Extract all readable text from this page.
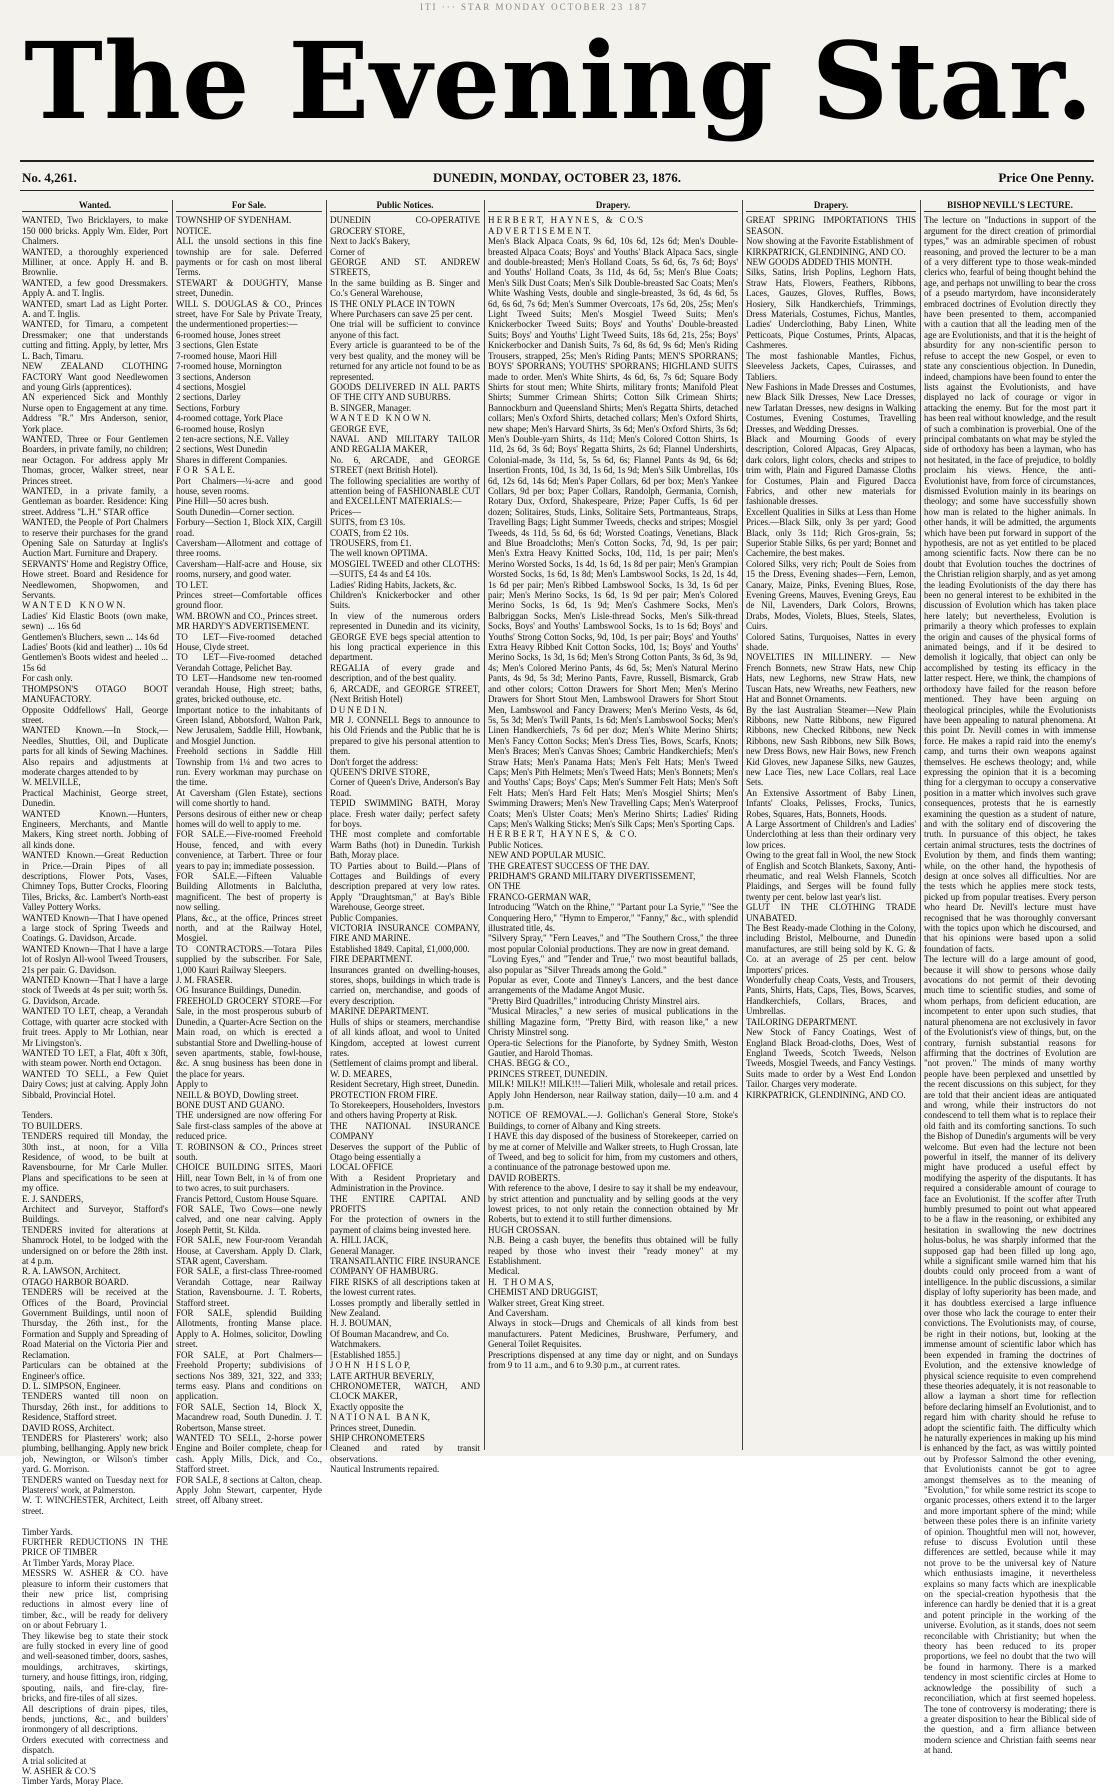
ITI ··· STAR MONDAY OCTOBER 23 187
The Evening Star.
No. 4,261.	DUNEDIN, MONDAY, OCTOBER 23, 1876.	Price One Penny.
Wanted.
WANTED, Two Bricklayers, to make 150 000 bricks. Apply Wm. Elder, Port Chalmers.
WANTED, a thoroughly experienced Milliner, at once. Apply H. and B. Brownlie.
WANTED, a few good Dressmakers. Apply A. and T. Inglis.
WANTED, smart Lad as Light Porter. A. and T. Inglis.
WANTED, for Timaru, a competent Dressmaker; one that understands cutting and fitting. Apply, by letter, Mrs L. Bach, Timaru.
NEW ZEALAND CLOTHING FACTORY Want good Needlewomen and young Girls (apprentices).
AN experienced Sick and Monthly Nurse open to Engagement at any time. Address "R." Mrs Anderson, senior, York place.
WANTED, Three or Four Gentlemen Boarders, in private family, no children; near Octagon. For address apply Mr Thomas, grocer, Walker street, near Princes street.
WANTED, in a private family, a Gentleman as boarder. Residence: King street. Address "L.H." STAR office
WANTED, the People of Port Chalmers to reserve their purchases for the grand Opening Sale on Saturday at Inglis's Auction Mart. Furniture and Drapery.
SERVANTS' Home and Registry Office, Howe street. Board and Residence for Needlewomen, Shopwomen, and Servants.
W A N T E D    K N O W N.
Ladies' Kid Elastic Boots (own make, sewn)  ... 16s 6d
Gentlemen's Bluchers, sewn ... 14s 6d
Ladies' Boots (kid and leather) ... 10s 6d
Gentlemen's Boots widest and heeled ... 15s 6d
For cash only.
THOMPSON'S OTAGO BOOT MANUFACTORY.
Opposite Oddfellows' Hall, George street.
WANTED Known.—In Stock,—Needles, Shuttles, Oil, and Duplicate parts for all kinds of Sewing Machines. Also repairs and adjustments at moderate charges attended to by
W. MELVILLE,
Practical Machinist, George street, Dunedin.
WANTED Known.—Hunters, Engineers, Merchants, and Mantle Makers, King street north. Jobbing of all kinds done.
WANTED Known.—Great Reduction in Price.—Drain Pipes of all descriptions, Flower Pots, Vases, Chimney Tops, Butter Crocks, Flooring Tiles, Bricks, &c. Lambert's North-east Valley Pottery Works.
WANTED Known—That I have opened a large stock of Spring Tweeds and Coatings. G. Davidson, Arcade.
WANTED Known—That I have a large lot of Roslyn All-wool Tweed Trousers, 21s per pair. G. Davidson.
WANTED Known—That I have a large stock of Tweeds at 4s per suit; worth 5s. G. Davidson, Arcade.
WANTED TO LET, cheap, a Verandah Cottage, with quarter acre stocked with fruit trees. Apply to Mr Lothian, near Mr Livingston's.
WANTED TO LET, a Flat, 40ft x 30ft, with steam power. North end Octagon.
WANTED TO SELL, a Few Quiet Dairy Cows; just at calving. Apply John Sibbald, Provincial Hotel.

Tenders.
TO BUILDERS.
TENDERS required till Monday, the 30th inst., at noon, for a Villa Residence, of wood, to be built at Ravensbourne, for Mr Carle Muller. Plans and specifications to be seen at my office.
E. J. SANDERS,
Architect and Surveyor, Stafford's Buildings.
TENDERS invited for alterations at Shamrock Hotel, to be lodged with the undersigned on or before the 28th inst. at 4 p.m.
R. A. LAWSON, Architect.
OTAGO HARBOR BOARD.
TENDERS will be received at the Offices of the Board, Provincial Government Buildings, until noon of Thursday, the 26th inst., for the Formation and Supply and Spreading of Road Material on the Victoria Pier and Reclamation.
Particulars can be obtained at the Engineer's office.
D. L. SIMPSON, Engineer.
TENDERS wanted till noon on Thursday, 26th inst., for additions to Residence, Stafford street.
DAVID ROSS, Architect.
TENDERS for Plasterers' work; also plumbing, bellhanging. Apply new brick job, Newington, or Wilson's timber yard. G. Morrison.
TENDERS wanted on Tuesday next for Plasterers' work, at Palmerston.
W. T. WINCHESTER, Architect, Leith street.

Timber Yards.
FURTHER REDUCTIONS IN THE PRICE OF TIMBER
At Timber Yards, Moray Place.
MESSRS W. ASHER & CO. have pleasure to inform their customers that their new price list, comprising reductions in almost every line of timber, &c., will be ready for delivery on or about February 1.
They likewise beg to state their stock are fully stocked in every line of good and well-seasoned timber, doors, sashes, mouldings, architraves, skirtings, turnery, and house fittings, iron, ridging, spouting, nails, and fire-clay, fire-bricks, and fire-tiles of all sizes.
All descriptions of drain pipes, tiles, bends, junctions, &c., and builders' ironmongery of all descriptions.
Orders executed with correctness and dispatch.
A trial solicited at
W. ASHER & CO.'S
Timber Yards, Moray Place.
For Sale.
TOWNSHIP OF SYDENHAM.
NOTICE.
ALL the unsold sections in this fine township are for sale. Deferred payments or for cash on most liberal Terms.
STEWART & DOUGHTY, Manse street, Dunedin.
WILL S. DOUGLAS & CO., Princes street, have For Sale by Private Treaty, the undermentioned properties:—
6-roomed house, Jones street
3 sections, Glen Estate
7-roomed house, Maori Hill
7-roomed house, Mornington
3 sections, Anderson
4 sections, Mosgiel
2 sections, Darley
Sections, Forbury
4-roomed cottage, York Place
6-roomed house, Roslyn
2 ten-acre sections, N.E. Valley
2 sections, West Dunedin
Shares in different Companies.
F O R   S A L E.
Port Chalmers—¼-acre and good house, seven rooms.
Pine Hill—50 acres bush.
South Dunedin—Corner section.
Forbury—Section 1, Block XIX, Cargill road.
Caversham—Allotment and cottage of three rooms.
Caversham—Half-acre and House, six rooms, nursery, and good water.
TO LET.
Princes street—Comfortable offices ground floor.
WM. BROWN and CO., Princes street.
MR HARDY'S ADVERTISEMENT.
TO LET—Five-roomed detached House, Clyde street.
TO LET—Five-roomed detached Verandah Cottage, Pelichet Bay.
TO LET—Handsome new ten-roomed verandah House, High street; baths, grates, bricked outhouse, etc.
Important notice to the inhabitants of Green Island, Abbotsford, Walton Park, New Jerusalem, Saddle Hill, Howbank, and Mosgiel Junction.
Freehold sections in Saddle Hill Township from 1¼ and two acres to run. Every workman may purchase on the time.
At Caversham (Glen Estate), sections will come shortly to hand.
Persons desirous of either new or cheap homes will do well to apply to me.
FOR SALE.—Five-roomed Freehold House, fenced, and with every convenience, at Tarbert. Three or four years to pay in; immediate possession.
FOR SALE.—Fifteen Valuable Building Allotments in Balclutha, magnificent. The best of property is now selling.
Plans, &c., at the office, Princes street north, and at the Railway Hotel, Mosgiel.
TO CONTRACTORS.—Totara Piles supplied by the subscriber. For Sale, 1,000 Kauri Railway Sleepers.
J. M. FRASER.
OG Insurance Buildings, Dunedin.
FREEHOLD GROCERY STORE—For Sale, in the most prosperous suburb of Dunedin, a Quarter-Acre Section on the Main road, on which is erected a substantial Store and Dwelling-house of seven apartments, stable, fowl-house, &c. A snug business has been done in the place for years.
Apply to
NEILL & BOYD, Dowling street.
BONE DUST AND GUANO.
THE undersigned are now offering For Sale first-class samples of the above at reduced price.
T. ROBINSON & CO., Princes street south.
CHOICE BUILDING SITES, Maori Hill, near Town Belt, in ¼ of from one to two acres, to suit purchasers.
Francis Pettord, Custom House Square.
FOR SALE, Two Cows—one newly calved, and one near calving. Apply Joseph Pettit, St. Kilda.
FOR SALE, new Four-room Verandah House, at Caversham. Apply D. Clark, STAR agent, Caversham.
FOR SALE, a first-class Three-roomed Verandah Cottage, near Railway Station, Ravensbourne. J. T. Roberts, Stafford street.
FOR SALE, splendid Building Allotments, fronting Manse place. Apply to A. Holmes, solicitor, Dowling street.
FOR SALE, at Port Chalmers—Freehold Property; subdivisions of sections Nos 389, 321, 322, and 333; terms easy. Plans and conditions on application.
FOR SALE, Section 14, Block X, Macandrew road, South Dunedin. J. T. Robertson, Manse street.
WANTED TO SELL, 2-horse power Engine and Boiler complete, cheap for cash. Apply Mills, Dick, and Co., Stafford street.
FOR SALE, 8 sections at Calton, cheap. Apply John Stewart, carpenter, Hyde street, off Albany street.
Public Notices.
DUNEDIN CO-OPERATIVE GROCERY STORE,
Next to Jack's Bakery,
Corner of
GEORGE AND ST. ANDREW STREETS,
In the same building as B. Singer and Co.'s General Warehouse,
IS THE ONLY PLACE IN TOWN
Where Purchasers can save 25 per cent.
One trial will be sufficient to convince anyone of this fact.
Every article is guaranteed to be of the very best quality, and the money will be returned for any article not found to be as represented.
GOODS DELIVERED IN ALL PARTS OF THE CITY AND SUBURBS.
B. SINGER, Manager.
W A N T E D   K N O W N.
GEORGE EVE,
NAVAL AND MILITARY TAILOR AND REGALIA MAKER,
No. 6, ARCADE, and GEORGE STREET (next British Hotel).
The following specialities are worthy of attention being of FASHIONABLE CUT and EXCELLENT MATERIALS:—
Prices—
SUITS, from £3 10s.
COATS, from £2 10s.
TROUSERS, from £1.
The well known OPTIMA.
MOSGIEL TWEED and other CLOTHS:—SUITS, £4 4s and £4 10s.
Ladies' Riding Habits, Jackets, &c.
Children's Knickerbocker and other Suits.
In view of the numerous orders represented in Dunedin and its vicinity, GEORGE EVE begs special attention to his long practical experience in this department.
REGALIA of every grade and description, and of the best quality.
6, ARCADE, and GEORGE STREET, (Next British Hotel)
D U N E D I N.
MR J. CONNELL Begs to announce to his Old Friends and the Public that he is prepared to give his personal attention to them.
Don't forget the address:
QUEEN'S DRIVE STORE,
Corner of Queen's Drive, Anderson's Bay Road.
TEPID SWIMMING BATH, Moray place. Fresh water daily; perfect safety for boys.
THE most complete and comfortable Warm Baths (hot) in Dunedin. Turkish Bath, Moray place.
TO Parties about to Build.—Plans of Cottages and Buildings of every description prepared at very low rates. Apply "Draughtsman," at Bay's Bible Warehouse, George street.
Public Companies.
VICTORIA INSURANCE COMPANY, FIRE AND MARINE.
Established 1849. Capital, £1,000,000.
FIRE DEPARTMENT.
Insurances granted on dwelling-houses, stores, shops, buildings in which trade is carried on, merchandise, and goods of every description.
MARINE DEPARTMENT.
Hulls of ships or steamers, merchandise of all kinds afloat, and wool to United Kingdom, accepted at lowest current rates.
(Settlement of claims prompt and liberal.
W. D. MEARES,
Resident Secretary, High street, Dunedin.
PROTECTION FROM FIRE.
To Storekeepers, Householders, Investors and others having Property at Risk.
THE NATIONAL INSURANCE COMPANY
Deserves the support of the Public of Otago being essentially a
LOCAL OFFICE
With a Resident Proprietary and Administration in the Province.
THE ENTIRE CAPITAL AND PROFITS
For the protection of owners in the payment of claims being invested here.
A. HILL JACK,
General Manager.
TRANSATLANTIC FIRE INSURANCE COMPANY OF HAMBURG.
FIRE RISKS of all descriptions taken at the lowest current rates.
Losses promptly and liberally settled in New Zealand.
H. J. BOUMAN,
Of Bouman Macandrew, and Co.
Watchmakers.
[Established 1855.]
J O H N   H I S L O P,
LATE ARTHUR BEVERLY,
CHRONOMETER, WATCH, AND CLOCK MAKER,
Exactly opposite the
N A T I O N A L   B A N K,
Princes street, Dunedin.
SHIP CHRONOMETERS
Cleaned and rated by transit observations.
Nautical Instruments repaired.
Drapery.
H E R B E R T,   H A Y N E S,   &   C O.'S
A D V E R T I S E M E N T.
Men's Black Alpaca Coats, 9s 6d, 10s 6d, 12s 6d; Men's Double-breasted Alpaca Coats; Boys' and Youths' Black Alpaca Sacs, single and double-breasted; Men's Holland Coats, 5s 6d, 6s, 7s 6d; Boys' and Youths' Holland Coats, 3s 11d, 4s 6d, 5s; Men's Blue Coats; Men's Silk Dust Coats; Men's Silk Double-breasted Sac Coats; Men's White Washing Vests, double and single-breasted, 3s 6d, 4s 6d, 5s 6d, 6s 6d, 7s 6d; Men's Summer Overcoats, 17s 6d, 20s, 25s; Men's Light Tweed Suits; Men's Mosgiel Tweed Suits; Men's Knickerbocker Tweed Suits; Boys' and Youths' Double-breasted Suits; Boys' and Youths' Light Tweed Suits, 18s 6d, 21s, 25s; Boys' Knickerbocker and Danish Suits, 7s 6d, 8s 6d, 9s 6d; Men's Riding Trousers, strapped, 25s; Men's Riding Pants; MEN'S SPORRANS; BOYS' SPORRANS; YOUTHS' SPORRANS; HIGHLAND SUITS made to order. Men's White Shirts, 4s 6d, 6s, 7s 6d; Square Body Shirts for stout men; White Shirts, military fronts; Manifold Pleat Shirts; Summer Crimean Shirts; Cotton Silk Crimean Shirts; Bannockburn and Queensland Shirts; Men's Regatta Shirts, detached collars; Men's Oxford Shirts, detached collars; Men's Oxford Shirts, new shape; Men's Harvard Shirts, 3s 6d; Men's Oxford Shirts, 3s 6d; Men's Double-yarn Shirts, 4s 11d; Men's Colored Cotton Shirts, 1s 11d, 2s 6d, 3s 6d; Boys' Regatta Shirts, 2s 6d; Flannel Undershirts, Colonial-made, 3s 11d, 5s, 5s 6d, 6s; Flannel Pants 4s 9d, 6s 6d; Insertion Fronts, 10d, 1s 3d, 1s 6d, 1s 9d; Men's Silk Umbrellas, 10s 6d, 12s 6d, 14s 6d; Men's Paper Collars, 6d per box; Men's Yankee Collars, 9d per box; Paper Collars, Randolph, Germania, Cornish, Rotary Dux, Oxford, Shakespeare, Prize; Paper Cuffs, 1s 6d per dozen; Solitaires, Studs, Links, Solitaire Sets, Portmanteaus, Straps, Travelling Bags; Light Summer Tweeds, checks and stripes; Mosgiel Tweeds, 4s 11d, 5s 6d, 6s 6d; Worsted Coatings, Venetians, Black and Blue Broadcloths; Men's Cotton Socks, 7d, 9d, 1s per pair; Men's Extra Heavy Knitted Socks, 10d, 11d, 1s per pair; Men's Merino Worsted Socks, 1s 4d, 1s 6d, 1s 8d per pair; Men's Grampian Worsted Socks, 1s 6d, 1s 8d; Men's Lambswool Socks, 1s 2d, 1s 4d, 1s 6d per pair; Men's Ribbed Lambswool Socks, 1s 3d, 1s 6d per pair; Men's Merino Socks, 1s 6d, 1s 9d per pair; Men's Colored Merino Socks, 1s 6d, 1s 9d; Men's Cashmere Socks, Men's Balbriggan Socks, Men's Lisle-thread Socks, Men's Silk-thread Socks, Boys' and Youths' Lambswool Socks, 1s to 1s 6d; Boys' and Youths' Strong Cotton Socks, 9d, 10d, 1s per pair; Boys' and Youths' Extra Heavy Ribbed Knit Cotton Socks, 10d, 1s; Boys' and Youths' Merino Socks, 1s 3d, 1s 6d; Men's Strong Cotton Pants, 3s 6d, 3s 9d, 4s; Men's Colored Merino Pants, 4s 6d, 5s; Men's Natural Merino Pants, 4s 9d, 5s 3d; Merino Pants, Favre, Russell, Bismarck, Grab and other colors; Cotton Drawers for Short Men; Men's Merino Drawers for Short Stout Men, Lambswool Drawers for Short Stout Men, Lambswool and Fancy Drawers; Men's Merino Vests, 4s 6d, 5s, 5s 3d; Men's Twill Pants, 1s 6d; Men's Lambswool Socks; Men's Linen Handkerchiefs, 7s 6d per doz; Men's White Merino Shirts; Men's Fancy Cotton Socks; Men's Dress Ties, Bows, Scarfs, Knots; Men's Braces; Men's Canvas Shoes; Cambric Handkerchiefs; Men's Straw Hats; Men's Panama Hats; Men's Felt Hats; Men's Tweed Caps; Men's Pith Helmets; Men's Tweed Hats; Men's Bonnets; Men's and Youths' Caps; Boys' Caps; Men's Summer Felt Hats; Men's Soft Felt Hats; Men's Hard Felt Hats; Men's Mosgiel Shirts; Men's Swimming Drawers; Men's New Travelling Caps; Men's Waterproof Coats; Men's Ulster Coats; Men's Merino Shirts; Ladies' Riding Caps; Men's Walking Sticks; Men's Silk Caps; Men's Sporting Caps.
H E R B E R T,   H A Y N E S,   &   C O.
Public Notices.
NEW AND POPULAR MUSIC.
THE GREATEST SUCCESS OF THE DAY.
PRIDHAM'S GRAND MILITARY DIVERTISSEMENT,
ON THE
FRANCO-GERMAN WAR,
Introducing "Watch on the Rhine," "Partant pour La Syrie," "See the Conquering Hero," "Hymn to Emperor," "Fanny," &c., with splendid illustrated title, 4s.
"Silvery Spray," "Fern Leaves," and "The Southern Cross," the three most popular Colonial productions. They are now in great demand.
"Loving Eyes," and "Tender and True," two most beautiful ballads, also popular as "Silver Threads among the Gold."
Popular as ever, Coote and Tinney's Lancers, and the best dance arrangements of the Madame Angot Music.
"Pretty Bird Quadrilles," introducing Christy Minstrel airs.
"Musical Miracles," a new series of musical publications in the shilling Magazine form, "Pretty Bird, with reason like," a new Christy Minstrel song.
Opera-tic Selections for the Pianoforte, by Sydney Smith, Weston Gautier, and Harold Thomas.
CHAS. BEGG & CO.,
PRINCES STREET, DUNEDIN.
MILK! MILK!! MILK!!!—Talieri Milk, wholesale and retail prices. Apply John Henderson, near Railway station, daily—10 a.m. and 4 p.m.
NOTICE OF REMOVAL.—J. Gollichan's General Store, Stoke's Buildings, to corner of Albany and King streets.
I HAVE this day disposed of the business of Storekeeper, carried on by me at corner of Melville and Walker streets, to Hugh Crossan, late of Tweed, and beg to solicit for him, from my customers and others, a continuance of the patronage bestowed upon me.
DAVID ROBERTS.
With reference to the above, I desire to say it shall be my endeavour, by strict attention and punctuality and by selling goods at the very lowest prices, to not only retain the connection obtained by Mr Roberts, but to extend it to still further dimensions.
HUGH CROSSAN.
N.B. Being a cash buyer, the benefits thus obtained will be fully reaped by those who invest their "ready money" at my Establishment.
Medical.
H.   T H O M A S,
CHEMIST AND DRUGGIST,
Walker street, Great King street.
And Caversham.
Always in stock—Drugs and Chemicals of all kinds from best manufacturers. Patent Medicines, Brushware, Perfumery, and General Toilet Requisites.
Prescriptions dispensed at any time day or night, and on Sundays from 9 to 11 a.m., and 6 to 9.30 p.m., at current rates.
Drapery.
GREAT SPRING IMPORTATIONS THIS SEASON.
Now showing at the Favorite Establishment of
KIRKPATRICK, GLENDINING, AND CO.
NEW GOODS ADDED THIS MONTH.
Silks, Satins, Irish Poplins, Leghorn Hats, Straw Hats, Flowers, Feathers, Ribbons, Laces, Gauzes, Gloves, Ruffles, Bows, Hosiery, Silk Handkerchiefs, Trimmings, Dress Materials, Costumes, Fichus, Mantles, Ladies' Underclothing, Baby Linen, White Petticoats, Pique Costumes, Prints, Alpacas, Cashmeres.
The most fashionable Mantles, Fichus, Sleeveless Jackets, Capes, Cuirasses, and Tabliers.
New Fashions in Made Dresses and Costumes, new Black Silk Dresses, New Lace Dresses, new Tarlatan Dresses, new designs in Walking Costumes, Evening Costumes, Travelling Dresses, and Wedding Dresses.
Black and Mourning Goods of every description, Colored Alpacas, Grey Alpacas, dark colors, light colors, checks and stripes to trim with, Plain and Figured Damasse Cloths for Costumes, Plain and Figured Dacca Fabrics, and other new materials for fashionable dresses.
Excellent Qualities in Silks at Less than Home Prices.—Black Silk, only 3s per yard; Good Black, only 3s 11d; Rich Gros-grain, 5s; Superior Stable Silks, 6s per yard; Bonnet and Cachemire, the best makes.
Colored Silks, very rich; Poult de Soies from 15 the Dress, Evening shades—Fern, Lemon, Canary, Maize, Pinks, Evening Blues, Rose, Evening Greens, Mauves, Evening Greys, Eau de Nil, Lavenders, Dark Colors, Browns, Drabs, Modes, Violets, Blues, Steels, Slates, Cuirs.
Colored Satins, Turquoises, Nattes in every shade.
NOVELTIES IN MILLINERY. — New French Bonnets, new Straw Hats, new Chip Hats, new Leghorns, new Straw Hats, new Tuscan Hats, new Wreaths, new Feathers, new Hat and Bonnet Ornaments.
By the last Australian Steamer—New Plain Ribbons, new Natte Ribbons, new Figured Ribbons, new Checked Ribbons, new Neck Ribbons, new Sash Ribbons, new Silk Bows, new Dress Bows, new Hair Bows, new French Kid Gloves, new Japanese Silks, new Gauzes, new Lace Ties, new Lace Collars, real Lace Sets.
An Extensive Assortment of Baby Linen, Infants' Cloaks, Pelisses, Frocks, Tunics, Robes, Squares, Hats, Bonnets, Hoods.
A Large Assortment of Children's and Ladies' Underclothing at less than their ordinary very low prices.
Owing to the great fall in Wool, the new Stock of English and Scotch Blankets, Saxony, Anti-rheumatic, and real Welsh Flannels, Scotch Plaidings, and Serges will be found fully twenty per cent. below last year's list.
GLUT IN THE CLOTHING TRADE UNABATED.
The Best Ready-made Clothing in the Colony, including Bristol, Melbourne, and Dunedin manufactures, are still being sold by K. G. & Co. at an average of 25 per cent. below Importers' prices.
Wonderfully cheap Coats, Vests, and Trousers, Pants, Shirts, Hats, Caps, Ties, Bows, Scarves, Handkerchiefs, Collars, Braces, and Umbrellas.
TAILORING DEPARTMENT.
New Stock of Fancy Coatings, West of England Black Broad-cloths, Does, West of England Tweeds, Scotch Tweeds, Nelson Tweeds, Mosgiel Tweeds, and Fancy Vestings. Suits made to order by a West End London Tailor. Charges very moderate.
KIRKPATRICK, GLENDINING, AND CO.
BISHOP NEVILL'S LECTURE.
The lecture on "Inductions in support of the argument for the direct creation of primordial types," was an admirable specimen of robust reasoning, and proved the lecturer to be a man of a very different type to those weak-minded clerics who, fearful of being thought behind the age, and perhaps not unwilling to bear the cross of a pseudo martyrdom, have inconsiderately embraced doctrines of Evolution directly they have been presented to them, accompanied with a caution that all the leading men of the age are Evolutionists, and that it is the height of absurdity for any non-scientific person to refuse to accept the new Gospel, or even to state any conscientious objection. In Dunedin, indeed, champions have been found to enter the lists against the Evolutionists, and have displayed no lack of courage or vigor in attacking the enemy. But for the most part it has been real without knowledge, and the result of such a combination is proverbial. One of the principal combatants on what may be styled the side of orthodoxy has been a layman, who has not hesitated, in the face of prejudice, to boldly proclaim his views. Hence, the anti-Evolutionist have, from force of circumstances, dismissed Evolution mainly in its bearings on theology; and some have successfully shown how man is related to the higher animals. In other hands, it will be admitted, the arguments which have been put forward in support of the hypothesis, are not as yet entitled to be placed among scientific facts. Now there can be no doubt that Evolution touches the doctrines of the Christian religion sharply, and as yet among the leading Evolutionists of the day there has been no general interest to be exhibited in the discussion of Evolution which has taken place here lately; but nevertheless, Evolution is primarily a theory which professes to explain the origin and causes of the physical forms of animated beings, and if it be desired to demolish it logically, that object can only be accomplished by testing its efficacy in the latter respect. Here, we think, the champions of orthodoxy have failed for the reason before mentioned. They have been arguing on theological principles, while the Evolutionists have been appealing to natural phenomena. At this point Dr. Nevill comes in with immense force. He makes a rapid raid into the enemy's camp, and turns their own weapons against themselves. He eschews theology; and, while expressing the opinion that it is a becoming thing for a clergyman to occupy a conservative position in a matter which involves such grave consequences, protests that he is earnestly examining the question as a student of nature, and with the solitary end of discovering the truth. In pursuance of this object, he takes certain animal structures, tests the doctrines of Evolution by them, and finds them wanting; while, on the other hand, the hypothesis of design at once solves all difficulties. Nor are the tests which he applies mere stock tests, picked up from popular treatises. Every person who heard Dr. Nevill's lecture must have recognised that he was thoroughly conversant with the topics upon which he discoursed, and that his opinions were based upon a solid foundation of facts.
The lecture will do a large amount of good, because it will show to persons whose daily avocations do not permit of their devoting much time to scientific studies, and some of whom perhaps, from deficient education, are incompetent to enter upon such studies, that natural phenomena are not exclusively in favor of the Evolutionist's view of things, but, on the contrary, furnish substantial reasons for affirming that the doctrines of Evolution are "not proven." The minds of many worthy people have been perplexed and unsettled by the recent discussions on this subject, for they are told that their ancient ideas are antiquated and wrong, while their instructors do not condescend to tell them what is to replace their old faith and its comforting sanctions. To such the Bishop of Dunedin's arguments will be very welcome. But even had the lecture not been powerful in itself, the manner of its delivery might have produced a useful effect by modifying the asperity of the disputants. It has required a considerable amount of courage to face an Evolutionist. If the scoffer after Truth humbly presumed to point out what appeared to be a flaw in the reasoning, or exhibited any hesitation in swallowing the new doctrines holus-bolus, he was sharply informed that the supposed gap had been filled up long ago, while a significant smile warned him that his doubts could only proceed from a want of intelligence. In the public discussions, a similar display of lofty superiority has been made, and it has doubtless exercised a large influence over those who lack the courage to enter their convictions. The Evolutionists may, of course, be right in their notions, but, looking at the immense amount of scientific labor which has been expended in framing the doctrines of Evolution, and the extensive knowledge of physical science requisite to even comprehend these theories adequately, it is not reasonable to allow a layman a short time for reflection before declaring himself an Evolutionist, and to regard him with charity should he refuse to adopt the scientific faith. The difficulty which he naturally experiences in making up his mind is enhanced by the fact, as was wittily pointed out by Professor Salmond the other evening, that Evolutionists cannot be got to agree amongst themselves as to the meaning of "Evolution," for while some restrict its scope to organic processes, others extend it to the larger and more important sphere of the mind; while between these poles there is an infinite variety of opinion. Thoughtful men will not, however, refuse to discuss Evolution until these differences are settled, because while it may not prove to be the universal key of Nature which enthusiasts imagine, it nevertheless explains so many facts which are inexplicable on the special-creation hypothesis that the inference can hardly be denied that it is a great and potent principle in the working of the universe. Evolution, as it stands, does not seem reconcilable with Christianity; but when the theory has been reduced to its proper proportions, we feel no doubt that the two will be found in harmony. There is a marked tendency in most scientific circles at Home to acknowledge the possibility of such a reconciliation, which at first seemed hopeless. The tone of controversy is moderating; there is a greater disposition to hear the Biblical side of the question, and a firm alliance between modern science and Christian faith seems near at hand.
